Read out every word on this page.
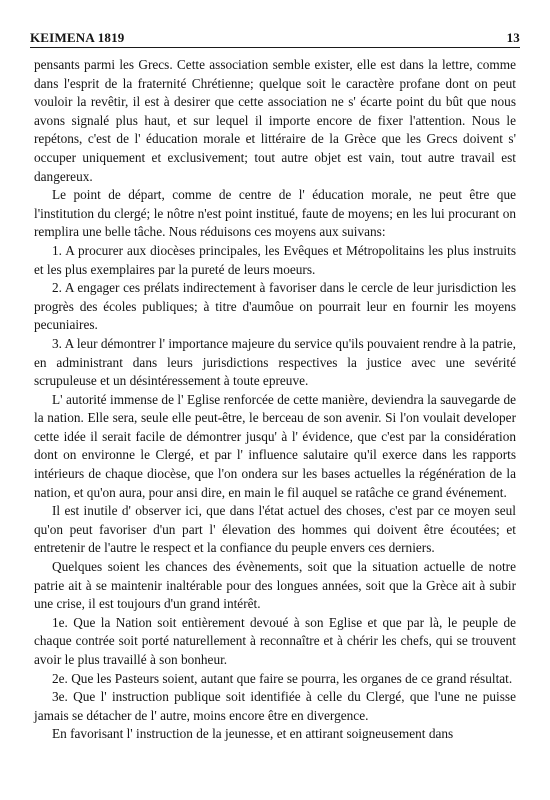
KEIMENA 1819	13

pensants parmi les Grecs. Cette association semble exister, elle est dans la lettre, comme dans l'esprit de la fraternité Chrétienne; quelque soit le caractère profane dont on peut vouloir la revêtir, il est à desirer que cette association ne s' écarte point du bût que nous avons signalé plus haut, et sur lequel il importe encore de fixer l'attention. Nous le repétons, c'est de l' éducation morale et littéraire de la Grèce que les Grecs doivent s' occuper uniquement et exclusivement; tout autre objet est vain, tout autre travail est dangereux.

Le point de départ, comme de centre de l' éducation morale, ne peut être que l'institution du clergé; le nôtre n'est point institué, faute de moyens; en les lui procurant on remplira une belle tâche. Nous réduisons ces moyens aux suivans:

1. A procurer aux diocèses principales, les Evêques et Métropolitains les plus instruits et les plus exemplaires par la pureté de leurs moeurs.

2. A engager ces prélats indirectement à favoriser dans le cercle de leur jurisdiction les progrès des écoles publiques; à titre d'aumôue on pourrait leur en fournir les moyens pecuniaires.

3. A leur démontrer l' importance majeure du service qu'ils pouvaient rendre à la patrie, en administrant dans leurs jurisdictions respectives la justice avec une sevérité scrupuleuse et un désintéressement à toute epreuve.

L' autorité immense de l' Eglise renforcée de cette manière, deviendra la sauvegarde de la nation. Elle sera, seule elle peut-être, le berceau de son avenir. Si l'on voulait developer cette idée il serait facile de démontrer jusqu' à l' évidence, que c'est par la considération dont on environne le Clergé, et par l' influence salutaire qu'il exerce dans les rapports intérieurs de chaque diocèse, que l'on ondera sur les bases actuelles la régénération de la nation, et qu'on aura, pour ansi dire, en main le fil auquel se ratâche ce grand événement.

Il est inutile d' observer ici, que dans l'état actuel des choses, c'est par ce moyen seul qu'on peut favoriser d'un part l' élevation des hommes qui doivent être écoutées; et entretenir de l'autre le respect et la confiance du peuple envers ces derniers.

Quelques soient les chances des évènements, soit que la situation actuelle de notre patrie ait à se maintenir inaltérable pour des longues années, soit que la Grèce ait à subir une crise, il est toujours d'un grand intérêt.

1e. Que la Nation soit entièrement devoué à son Eglise et que par là, le peuple de chaque contrée soit porté naturellement à reconnaître et à chérir les chefs, qui se trouvent avoir le plus travaillé à son bonheur.

2e. Que les Pasteurs soient, autant que faire se pourra, les organes de ce grand résultat.

3e. Que l' instruction publique soit identifiée à celle du Clergé, que l'une ne puisse jamais se détacher de l' autre, moins encore être en divergence.

En favorisant l' instruction de la jeunesse, et en attirant soigneusement dans
